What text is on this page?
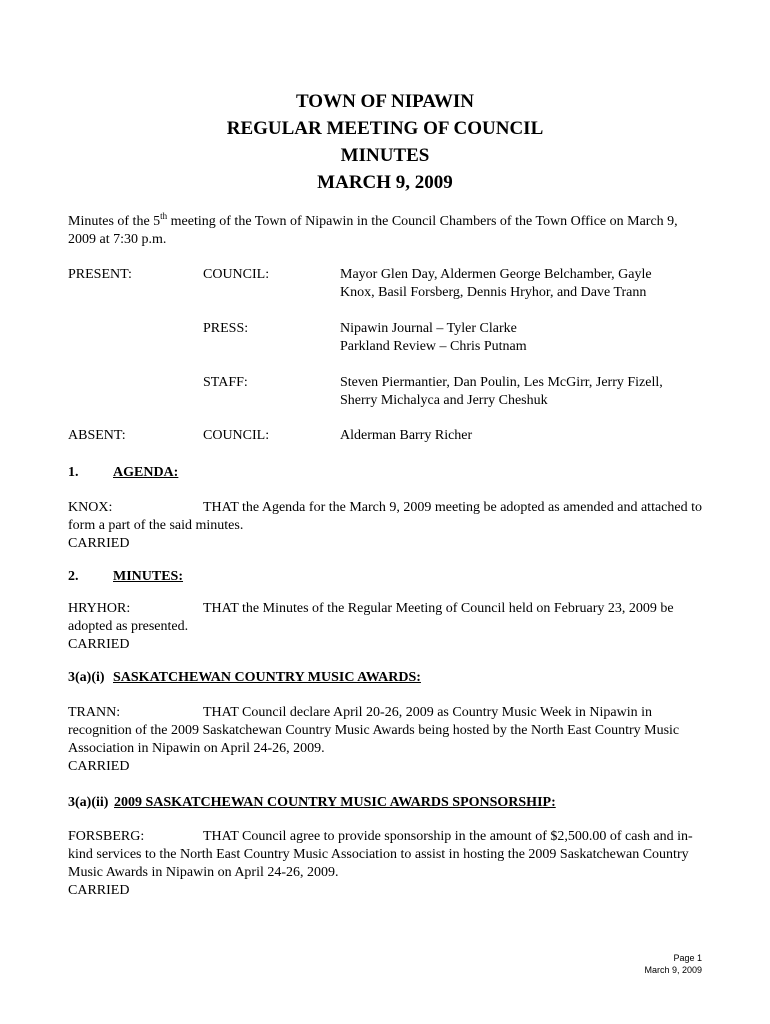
TOWN OF NIPAWIN
REGULAR MEETING OF COUNCIL
MINUTES
MARCH 9, 2009
Minutes of the 5th meeting of the Town of Nipawin in the Council Chambers of the Town Office on March 9, 2009 at 7:30 p.m.
PRESENT:	COUNCIL:	Mayor Glen Day, Aldermen George Belchamber, Gayle
Knox, Basil Forsberg, Dennis Hryhor, and Dave Trann
PRESS:	Nipawin Journal – Tyler Clarke
Parkland Review – Chris Putnam
STAFF:	Steven Piermantier, Dan Poulin, Les McGirr, Jerry Fizell,
Sherry Michalyca and Jerry Cheshuk
ABSENT:	COUNCIL:	Alderman Barry Richer
1. AGENDA:
KNOX:	THAT the Agenda for the March 9, 2009 meeting be adopted as amended and attached to form a part of the said minutes.
CARRIED
2. MINUTES:
HRYHOR:	THAT the Minutes of the Regular Meeting of Council held on February 23, 2009 be adopted as presented.
CARRIED
3(a)(i) SASKATCHEWAN COUNTRY MUSIC AWARDS:
TRANN:	THAT Council declare April 20-26, 2009 as Country Music Week in Nipawin in recognition of the 2009 Saskatchewan Country Music Awards being hosted by the North East Country Music Association in Nipawin on April 24-26, 2009.
CARRIED
3(a)(ii) 2009 SASKATCHEWAN COUNTRY MUSIC AWARDS SPONSORSHIP:
FORSBERG:	THAT Council agree to provide sponsorship in the amount of $2,500.00 of cash and in-kind services to the North East Country Music Association to assist in hosting the 2009 Saskatchewan Country Music Awards in Nipawin on April 24-26, 2009.
CARRIED
Page 1
March 9, 2009
